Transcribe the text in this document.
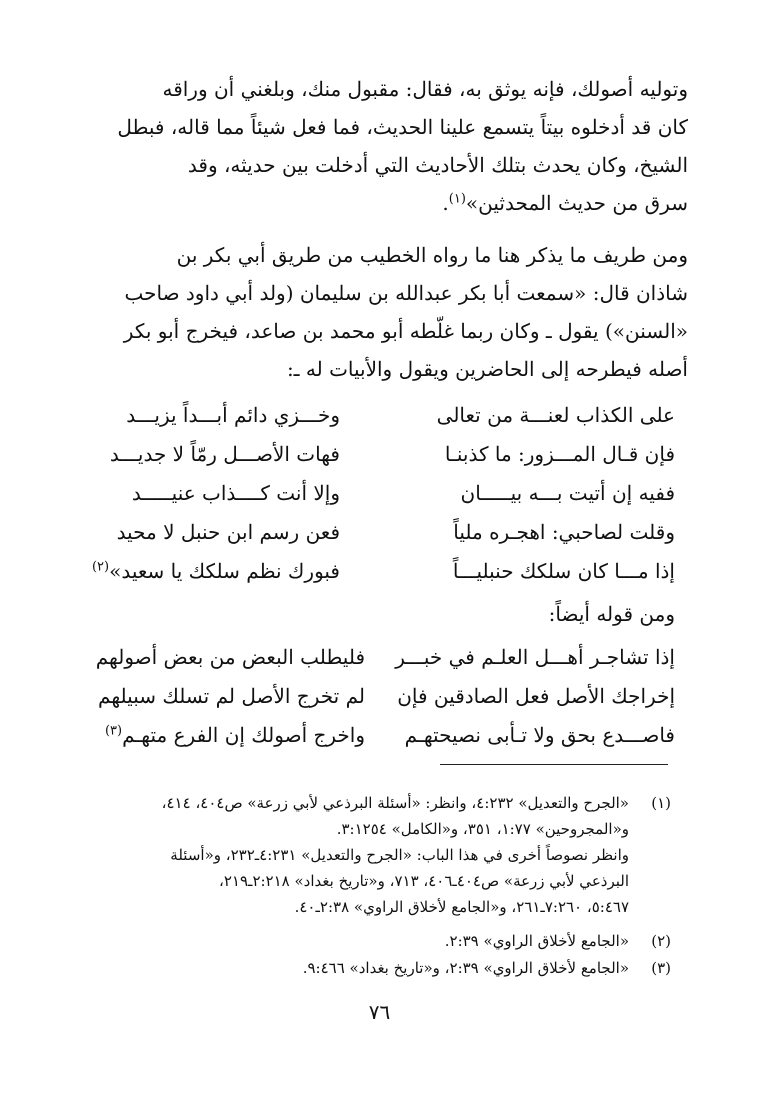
وتوليه أصولك، فإنه يوثق به، فقال: مقبول منك، وبلغني أن وراقه
كان قد أدخلوه بيتاً يتسمع علينا الحديث، فما فعل شيئاً مما قاله، فبطل
الشيخ، وكان يحدث بتلك الأحاديث التي أدخلت بين حديثه، وقد
سرق من حديث المحدثين»$^{(١)}$.
ومن طريف ما يذكر هنا ما رواه الخطيب من طريق أبي بكر بن
شاذان قال: «سمعت أبا بكر عبدالله بن سليمان (ولد أبي داود صاحب
«السنن») يقول ـ وكان ربما غلّطه أبو محمد بن صاعد، فيخرج أبو بكر
أصله فيطرحه إلى الحاضرين ويقول والأبيات له ـ:
على الكذاب لعنـــة من تعالى
وخـــزي دائم أبـــداً يزيـــد
فإن قـال المـــزور: ما كذبنـا
فهات الأصـــل رمّاً لا جديـــد
ففيه إن أتيت بـــه بيـــــان
وإلا أنت كــــذاب عنيـــــد
وقلت لصاحبي: اهجـره ملياً
فعن رسم ابن حنبل لا محيد
إذا مـــا كان سلكك حنبليـــاً
فبورك نظم سلكك يا سعيد»$^{(٢)}$
ومن قوله أيضاً:
إذا تشاجـر أهـــل العلـم في خبـــر
فليطلب البعض من بعض أصولهم
إخراجك الأصل فعل الصادقين فإن
لم تخرج الأصل لم تسلك سبيلهم
فاصـــدع بحق ولا تـأبى نصيحتهـم
واخرج أصولك إن الفرع متهـم$^{(٣)}$
(١)
«الجرح والتعديل» ٤:٢٣٢، وانظر: «أسئلة البرذعي لأبي زرعة» ص٤٠٤، ٤١٤،
و«المجروحين» ١:٧٧، ٣٥١، و«الكامل» ٣:١٢٥٤.
وانظر نصوصاً أخرى في هذا الباب: «الجرح والتعديل» ٤:٢٣١ـ٢٣٢، و«أسئلة
البرذعي لأبي زرعة» ص٤٠٤ـ٤٠٦، ٧١٣، و«تاريخ بغداد» ٢:٢١٨ـ٢١٩،
٥:٤٦٧، ٧:٢٦٠ـ٢٦١، و«الجامع لأخلاق الراوي» ٢:٣٨ـ٤٠.
(٢)
«الجامع لأخلاق الراوي» ٢:٣٩.
(٣)
«الجامع لأخلاق الراوي» ٢:٣٩، و«تاريخ بغداد» ٩:٤٦٦.
٧٦
